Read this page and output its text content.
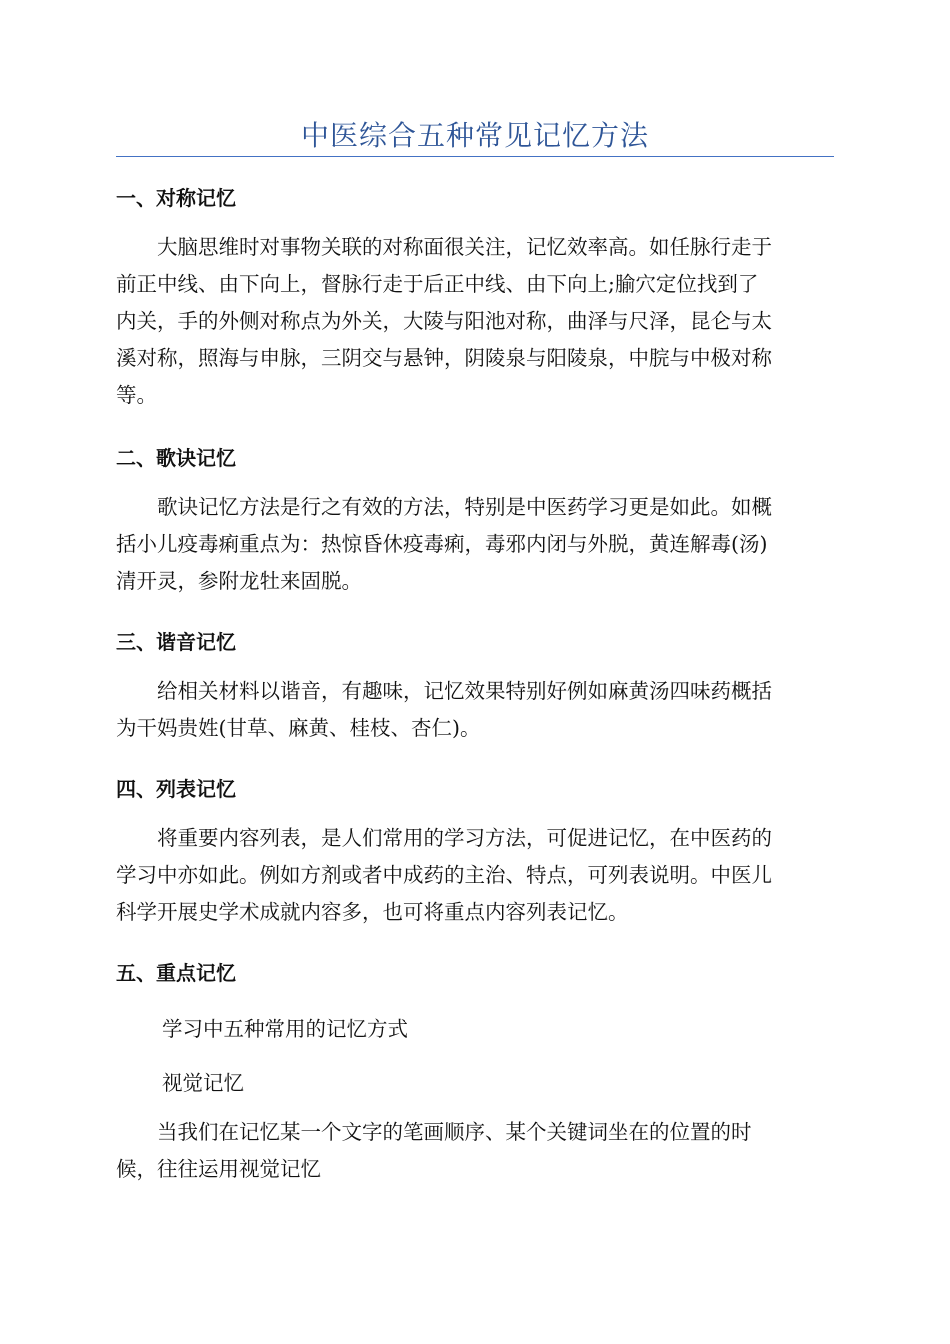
中医综合五种常见记忆方法
一、对称记忆
大脑思维时对事物关联的对称面很关注，记忆效率高。如任脉行走于
前正中线、由下向上，督脉行走于后正中线、由下向上;腧穴定位找到了
内关，手的外侧对称点为外关，大陵与阳池对称，曲泽与尺泽，昆仑与太
溪对称，照海与申脉，三阴交与悬钟，阴陵泉与阳陵泉，中脘与中极对称
等。
二、歌诀记忆
歌诀记忆方法是行之有效的方法，特别是中医药学习更是如此。如概
括小儿疫毒痢重点为：热惊昏休疫毒痢，毒邪内闭与外脱，黄连解毒(汤)
清开灵，参附龙牡来固脱。
三、谐音记忆
给相关材料以谐音，有趣味，记忆效果特别好例如麻黄汤四味药概括
为干妈贵姓(甘草、麻黄、桂枝、杏仁)。
四、列表记忆
将重要内容列表，是人们常用的学习方法，可促进记忆，在中医药的
学习中亦如此。例如方剂或者中成药的主治、特点，可列表说明。中医儿
科学开展史学术成就内容多，也可将重点内容列表记忆。
五、重点记忆
学习中五种常用的记忆方式
视觉记忆
当我们在记忆某一个文字的笔画顺序、某个关键词坐在的位置的时
候，往往运用视觉记忆
